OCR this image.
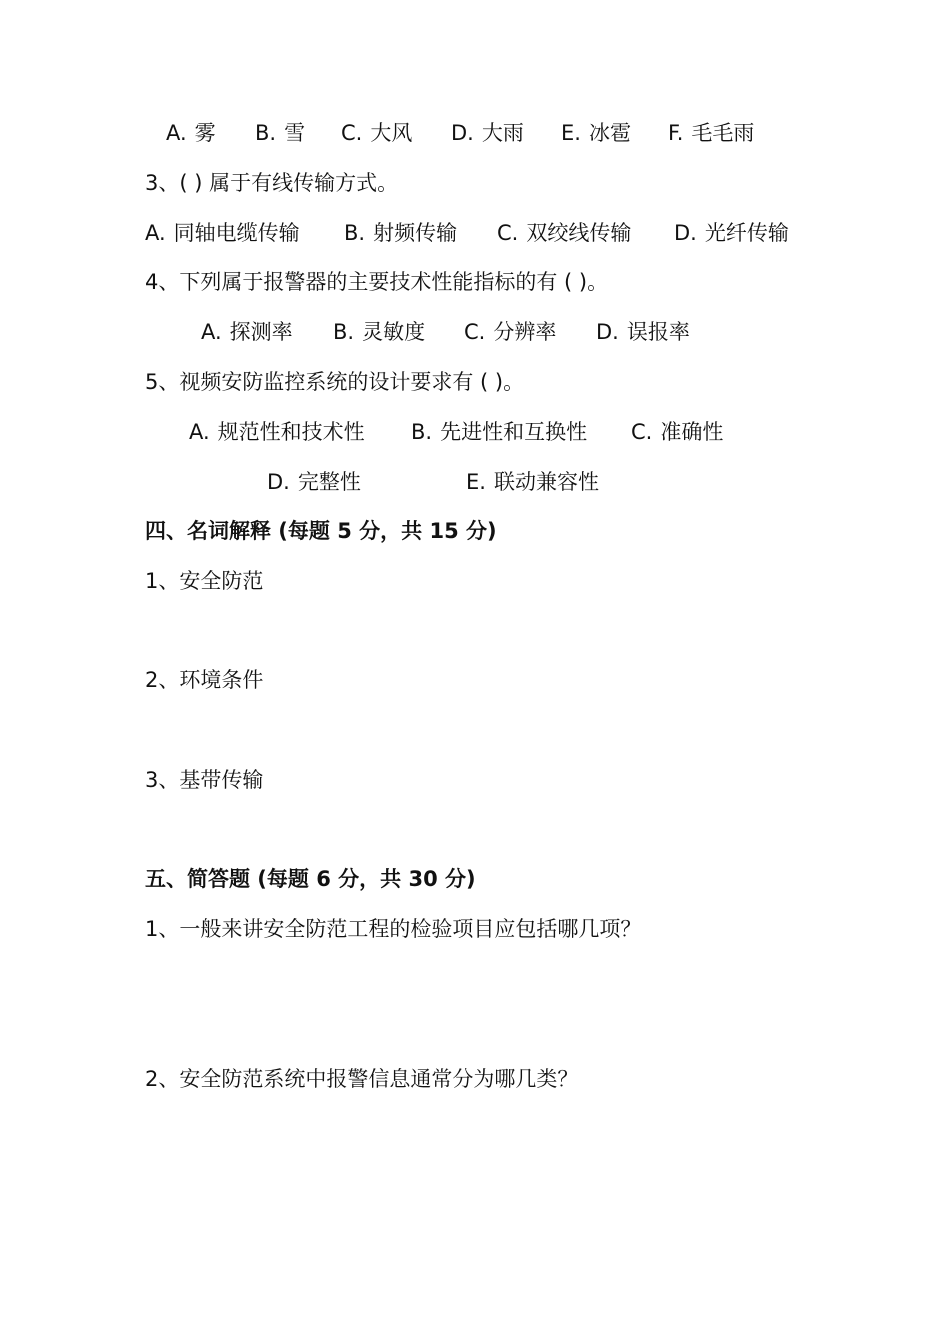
A. 雾 B. 雪 C. 大风 D. 大雨 E. 冰雹 F. 毛毛雨
3、( ) 属于有线传输方式。
A. 同轴电缆传输 B. 射频传输 C. 双绞线传输 D. 光纤传输
4、下列属于报警器的主要技术性能指标的有 ( )。
A. 探测率 B. 灵敏度 C. 分辨率 D. 误报率
5、视频安防监控系统的设计要求有 ( )。
A. 规范性和技术性 B. 先进性和互换性 C. 准确性
D. 完整性	E. 联动兼容性
四、名词解释 (每题 5 分，共 15 分)
1、安全防范
2、环境条件
3、基带传输
五、简答题 (每题 6 分，共 30 分)
1、一般来讲安全防范工程的检验项目应包括哪几项？
2、安全防范系统中报警信息通常分为哪几类？
